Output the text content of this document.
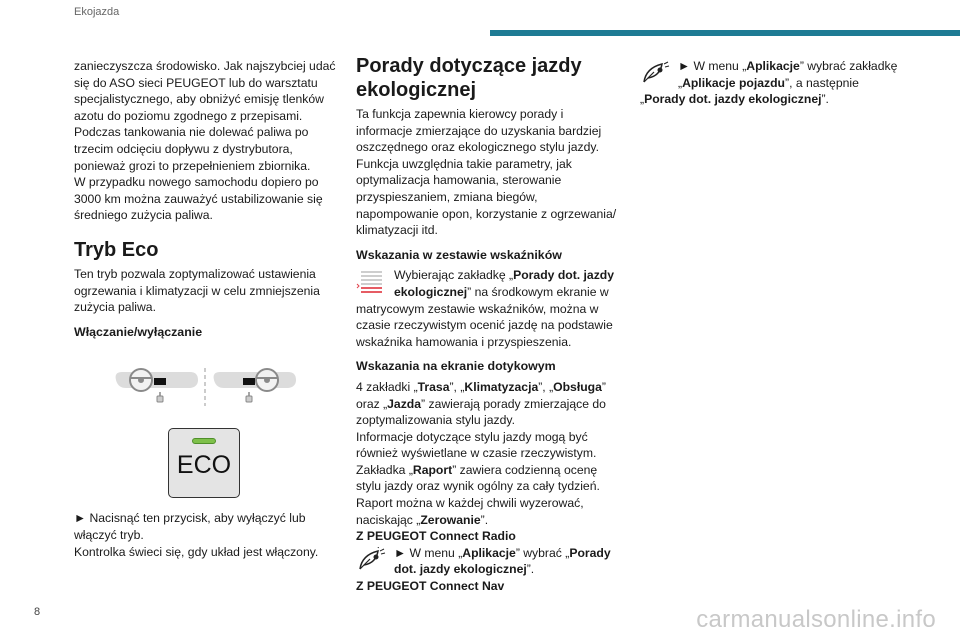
Ekojazda
zanieczyszcza środowisko. Jak najszybciej udać
się do ASO sieci PEUGEOT lub do warsztatu
specjalistycznego, aby obniżyć emisję tlenków
azotu do poziomu zgodnego z przepisami.
Podczas tankowania nie dolewać paliwa po
trzecim odcięciu dopływu z dystrybutora,
ponieważ grozi to przepełnieniem zbiornika.
W przypadku nowego samochodu dopiero po
3000 km można zauważyć ustabilizowanie się
średniego zużycia paliwa.
Tryb Eco
Ten tryb pozwala zoptymalizować ustawienia
ogrzewania i klimatyzacji w celu zmniejszenia
zużycia paliwa.
Włączanie/wyłączanie
ECO
► Nacisnąć ten przycisk, aby wyłączyć lub
włączyć tryb.
Kontrolka świeci się, gdy układ jest włączony.
Porady dotyczące jazdy
ekologicznej
Ta funkcja zapewnia kierowcy porady i
informacje zmierzające do uzyskania bardziej
oszczędnego oraz ekologicznego stylu jazdy.
Funkcja uwzględnia takie parametry, jak
optymalizacja hamowania, sterowanie
przyspieszaniem, zmiana biegów,
napompowanie opon, korzystanie z ogrzewania/
klimatyzacji itd.
Wskazania w zestawie wskaźników
Wybierając zakładkę „Porady dot. jazdy
ekologicznej” na środkowym ekranie w
matrycowym zestawie wskaźników, można w
czasie rzeczywistym ocenić jazdę na podstawie
wskaźnika hamowania i przyspieszenia.
Wskazania na ekranie dotykowym
4 zakładki „Trasa”, „Klimatyzacja”, „Obsługa”
oraz „Jazda” zawierają porady zmierzające do
zoptymalizowania stylu jazdy.
Informacje dotyczące stylu jazdy mogą być
również wyświetlane w czasie rzeczywistym.
Zakładka „Raport” zawiera codzienną ocenę
stylu jazdy oraz wynik ogólny za cały tydzień.
Raport można w każdej chwili wyzerować,
naciskając „Zerowanie”.
Z PEUGEOT Connect Radio
► W menu „Aplikacje” wybrać „Porady
dot. jazdy ekologicznej”.
Z PEUGEOT Connect Nav
► W menu „Aplikacje” wybrać zakładkę
„Aplikacje pojazdu”, a następnie
„Porady dot. jazdy ekologicznej”.
8	carmanualsonline.info
